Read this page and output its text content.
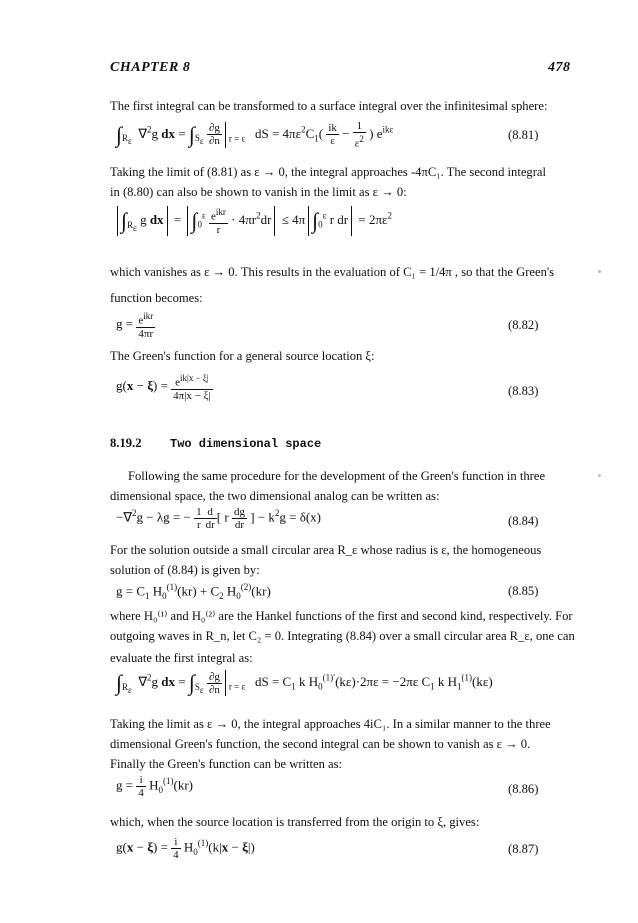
CHAPTER 8	478
The first integral can be transformed to a surface integral over the infinitesimal sphere:
$\int_{R_\varepsilon}$  ∇$^2$g dx = $\int_{S_\varepsilon} \frac{\partial g}{\partial n} _{r = \varepsilon}$   dS = $4\pi\varepsilon^2C_1( \frac{ik}{\varepsilon} - \frac{1}{\varepsilon^2}$ ) $e^{ik\varepsilon}$	(8.81)
Taking the limit of (8.81) as ε → 0, the integral approaches -4πC₁. The second integral
in (8.80) can also be shown to vanish in the limit as ε → 0:
$\int_{R_\varepsilon}$ g dx = $\int_0^\varepsilon \frac{e^{ikr}}{r} \cdot 4\pi r^2dr \le 4\pi$ $\int_0^\varepsilon$ r dr = $2\pi\varepsilon^2$
which vanishes as ε → 0. This results in the evaluation of C₁ = 1/4π , so that the Green's
function becomes:
$g = \frac{e^{ikr}}{4\pi r}$	(8.82)
The Green's function for a general source location ξ:
$g(x - \xi) = \frac{e^{ik|x - \xi|}}{4\pi|x - \xi|}$	(8.83)
8.19.2 Two dimensional space
Following the same procedure for the development of the Green's function in three
dimensional space, the two dimensional analog can be written as:
−∇$^2$g − λg = − $\frac{1}{r} \frac{d}{dr}$ [ r $\frac{dg}{dr}$ ] − $k^2g = \delta(x)$	(8.84)
For the solution outside a small circular area R_ε whose radius is ε, the homogeneous
solution of (8.84) is given by:
$g = C_1$ $H_0^{(1)}(kr) + C_2$ $H_0^{(2)}(kr)$	(8.85)
where H₀⁽¹⁾ and H₀⁽²⁾ are the Hankel functions of the first and second kind, respectively. For
outgoing waves in R_n, let C₂ = 0. Integrating (8.84) over a small circular area R_ε, one can
evaluate the first integral as:
$\int_{R_\varepsilon}$  ∇$^2$g dx = $\int_{S_\varepsilon} \frac{\partial g}{\partial n} _{r = \varepsilon}$   dS = $C_1$ k $H_0^{(1)'}(k\varepsilon)\cdot 2\pi\varepsilon = -2\pi\varepsilon$ $C_1$ k $H_1^{(1)}(k\varepsilon)$
Taking the limit as ε → 0, the integral approaches 4iC₁. In a similar manner to the three
dimensional Green's function, the second integral can be shown to vanish as ε → 0.
Finally the Green's function can be written as:
$g = \frac{i}{4} H_0^{(1)}(kr)$	(8.86)
which, when the source location is transferred from the origin to ξ, gives:
$g(x - \xi) = \frac{i}{4} H_0^{(1)}(k|x - \xi|)$	(8.87)
